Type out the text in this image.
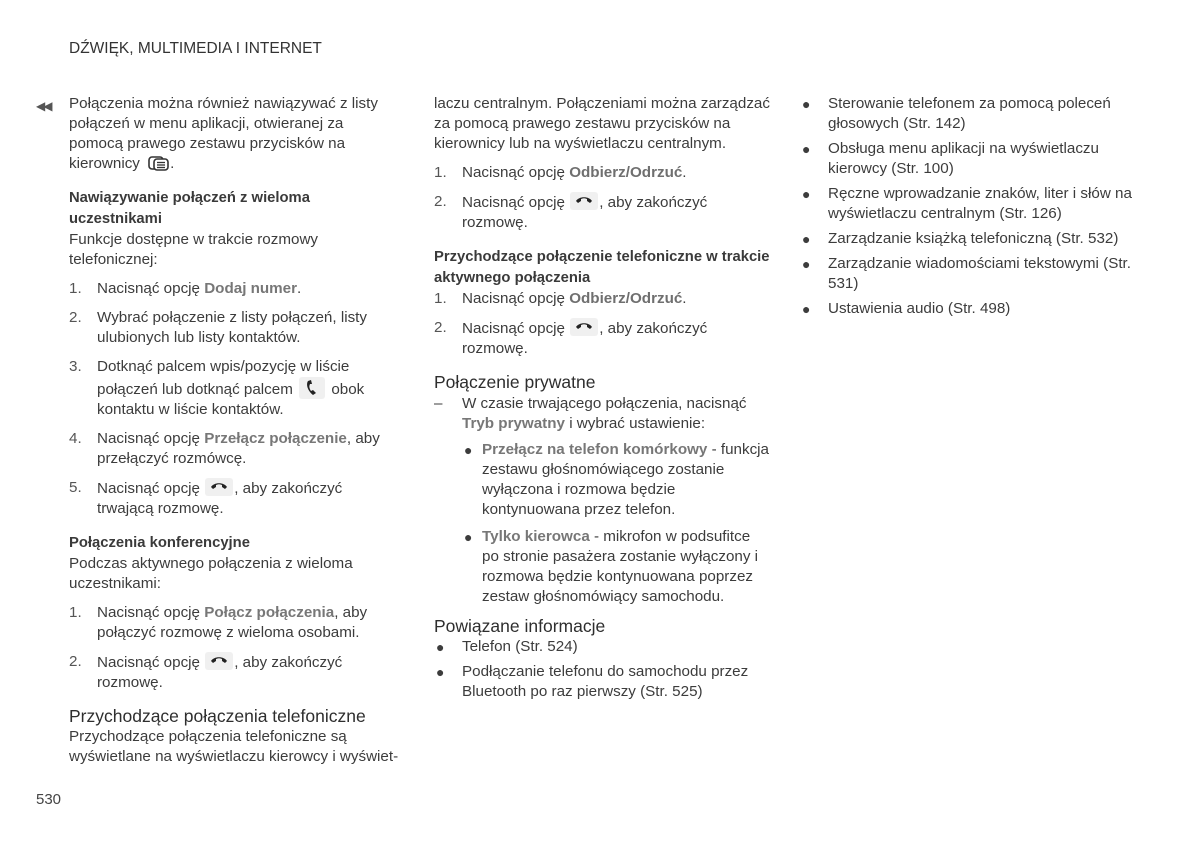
DŹWIĘK, MULTIMEDIA I INTERNET
◀◀ Połączenia można również nawiązywać z listy połączeń w menu aplikacji, otwieranej za pomocą prawego zestawu przycisków na kierownicy .

Nawiązywanie połączeń z wieloma uczestnikami

Funkcje dostępne w trakcie rozmowy telefonicznej:

1. Nacisnąć opcję Dodaj numer.
2. Wybrać połączenie z listy połączeń, listy ulubionych lub listy kontaktów.
3. Dotknąć palcem wpis/pozycję w liście połączeń lub dotknąć palcem
obok kontaktu w liście kontaktów.
4. Nacisnąć opcję Przełącz połączenie, aby przełączyć rozmówcę.
5. Nacisnąć opcję
, aby zakończyć trwającą rozmowę.

Połączenia konferencyjne

Podczas aktywnego połączenia z wieloma uczestnikami:

1. Nacisnąć opcję Połącz połączenia, aby połączyć rozmowę z wieloma osobami.
2. Nacisnąć opcję
, aby zakończyć rozmowę.

Przychodzące połączenia telefoniczne

Przychodzące połączenia telefoniczne są wyświetlane na wyświetlaczu kierowcy i wyświet-

laczu centralnym. Połączeniami można zarządzać za pomocą prawego zestawu przycisków na kierownicy lub na wyświetlaczu centralnym.

1. Nacisnąć opcję Odbierz/Odrzuć.
2. Nacisnąć opcję
, aby zakończyć rozmowę.

Przychodzące połączenie telefoniczne w trakcie aktywnego połączenia

1. Nacisnąć opcję Odbierz/Odrzuć.
2. Nacisnąć opcję
, aby zakończyć rozmowę.

Połączenie prywatne

– W czasie trwającego połączenia, nacisnąć Tryb prywatny i wybrać ustawienie:
● Przełącz na telefon komórkowy - funkcja zestawu głośnomówiącego zostanie wyłączona i rozmowa będzie kontynuowana przez telefon.
● Tylko kierowca - mikrofon w podsufitce po stronie pasażera zostanie wyłączony i rozmowa będzie kontynuowana poprzez zestaw głośnomówiący samochodu.

Powiązane informacje

● Telefon (Str. 524)
● Podłączanie telefonu do samochodu przez Bluetooth po raz pierwszy (Str. 525)
● Sterowanie telefonem za pomocą poleceń głosowych (Str. 142)
● Obsługa menu aplikacji na wyświetlaczu kierowcy (Str. 100)
● Ręczne wprowadzanie znaków, liter i słów na wyświetlaczu centralnym (Str. 126)
● Zarządzanie książką telefoniczną (Str. 532)
● Zarządzanie wiadomościami tekstowymi (Str. 531)
● Ustawienia audio (Str. 498)
530
